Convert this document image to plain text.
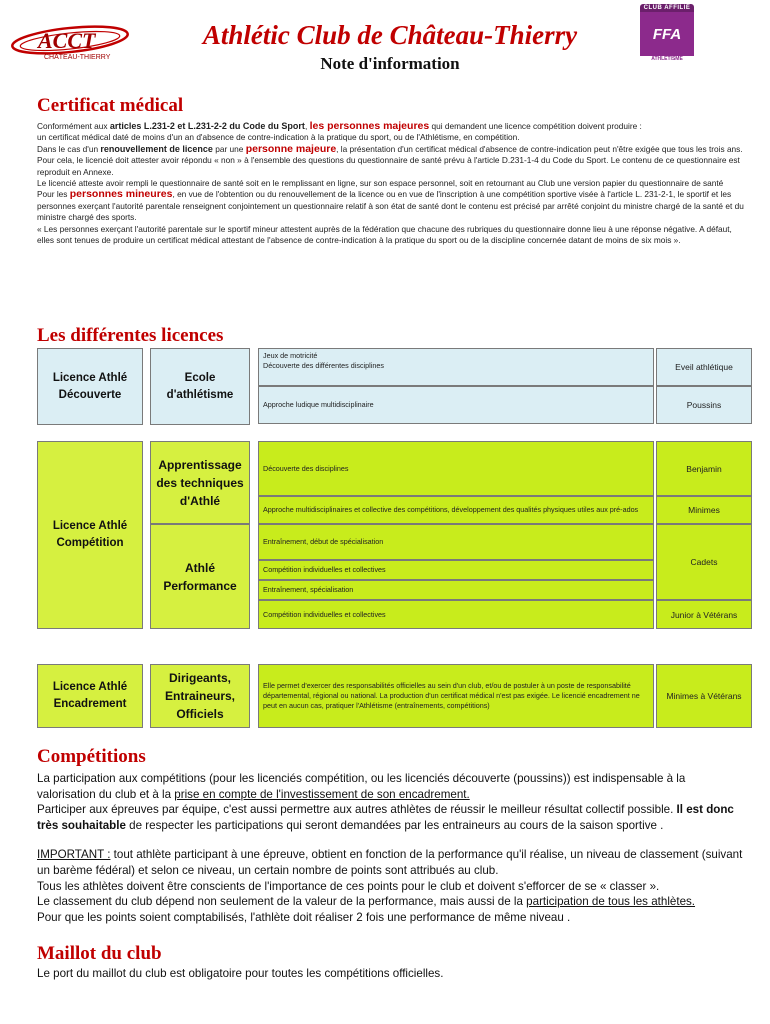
ACCT
CHÂTEAU-THIERRY
Athlétic Club de Château-Thierry
Note d'information
CLUB AFFILIÉ
FFA
ATHLÉTISME
Certificat médical

Conformément aux articles L.231-2 et L.231-2-2 du Code du Sport, les personnes majeures qui demandent une licence compétition doivent produire :

un certificat médical daté de moins d'un an d'absence de contre-indication à la pratique du sport, ou de l'Athlétisme, en compétition.

Dans le cas d'un renouvellement de licence par une personne majeure, la présentation d'un certificat médical d'absence de contre-indication peut n'être exigée que tous les trois ans.

Pour cela, le licencié doit attester avoir répondu « non » à l'ensemble des questions du questionnaire de santé prévu à l'article D.231-1-4 du Code du Sport. Le contenu de ce questionnaire est reproduit en Annexe.

Le licencié atteste avoir rempli le questionnaire de santé soit en le remplissant en ligne, sur son espace personnel, soit en retournant au Club une version papier du questionnaire de santé

Pour les personnes mineures, en vue de l'obtention ou du renouvellement de la licence ou en vue de l'inscription à une compétition sportive visée à l'article L. 231-2-1, le sportif et les personnes exerçant l'autorité parentale renseignent conjointement un questionnaire relatif à son état de santé dont le contenu est précisé par arrêté conjoint du ministre chargé de la santé et du ministre chargé des sports.

« Les personnes exerçant l'autorité parentale sur le sportif mineur attestent auprès de la fédération que chacune des rubriques du questionnaire donne lieu à une réponse négative. A défaut, elles sont tenues de produire un certificat médical attestant de l'absence de contre-indication à la pratique du sport ou de la discipline concernée datant de moins de six mois ».

Les différentes licences
Licence Athlé Découverte
Ecole d'athlétisme
Jeux de motricité
Découverte des différentes disciplines
Approche ludique multidisciplinaire
Eveil athlétique
Poussins
Licence Athlé Compétition
Apprentissage des techniques d'Athlé
Athlé Performance
Découverte des disciplines
Approche multidisciplinaires et collective des compétitions, développement des qualités physiques utiles aux pré-ados
Entraînement, début de spécialisation
Compétition individuelles et collectives
Entraînement, spécialisation
Compétition individuelles et collectives
Benjamin
Minimes
Cadets
Junior à Vétérans
Licence Athlé Encadrement
Dirigeants, Entraineurs, Officiels
Elle permet d'exercer des responsabilités officielles au sein d'un club, et/ou de postuler à un poste de responsabilité départemental, régional ou national. La production d'un certificat médical n'est pas exigée. Le licencié encadrement ne peut en aucun cas, pratiquer l'Athlétisme (entraînements, compétitions)
Minimes à Vétérans
Compétitions

La participation aux compétitions (pour les licenciés compétition, ou les licenciés découverte (poussins)) est indispensable à la valorisation du club et à la prise en compte de l'investissement de son encadrement.

Participer aux épreuves par équipe, c'est aussi permettre aux autres athlètes de réussir le meilleur résultat collectif possible. Il est donc très souhaitable de respecter les participations qui seront demandées par les entraineurs au cours de la saison sportive .

IMPORTANT : tout athlète participant à une épreuve, obtient en fonction de la performance qu'il réalise, un niveau de classement (suivant un barème fédéral) et selon ce niveau, un certain nombre de points sont attribués au club.

Tous les athlètes doivent être conscients de l'importance de ces points pour le club et doivent s'efforcer de se « classer ».

Le classement du club dépend non seulement de la valeur de la performance, mais aussi de la participation de tous les athlètes.

Pour que les points soient comptabilisés, l'athlète doit réaliser 2 fois une performance de même niveau .

Maillot du club
Le port du maillot du club est obligatoire pour toutes les compétitions officielles.
